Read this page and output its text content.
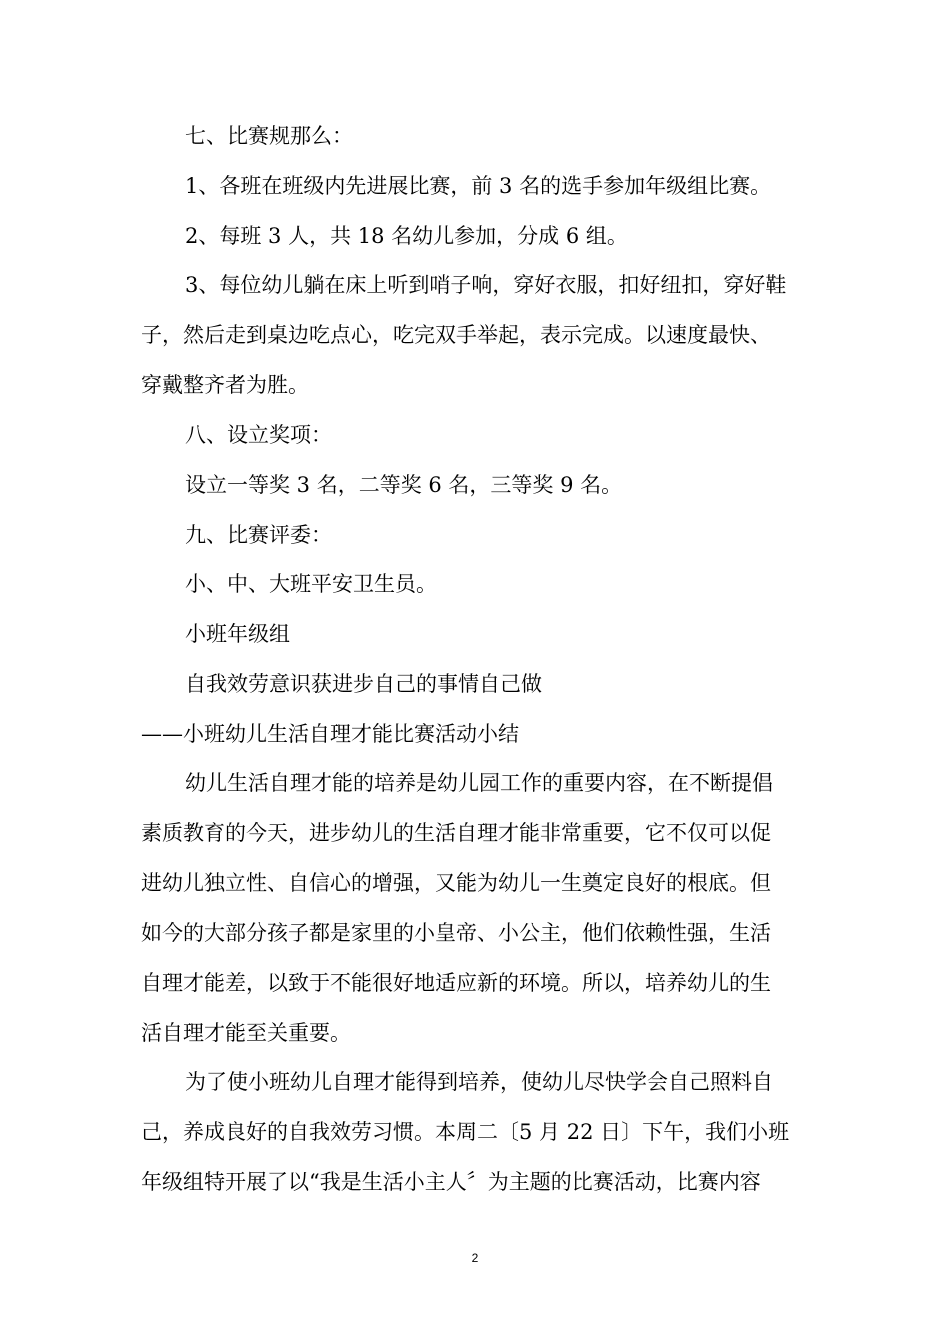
七、比赛规那么：
1、各班在班级内先进展比赛，前 3 名的选手参加年级组比赛。
2、每班 3 人，共 18 名幼儿参加，分成 6 组。
3、每位幼儿躺在床上听到哨子响，穿好衣服，扣好纽扣，穿好鞋
子，然后走到桌边吃点心，吃完双手举起，表示完成。以速度最快、
穿戴整齐者为胜。
八、设立奖项：
设立一等奖 3 名，二等奖 6 名，三等奖 9 名。
九、比赛评委：
小、中、大班平安卫生员。
小班年级组
自我效劳意识获进步自己的事情自己做
——小班幼儿生活自理才能比赛活动小结
幼儿生活自理才能的培养是幼儿园工作的重要内容，在不断提倡
素质教育的今天，进步幼儿的生活自理才能非常重要，它不仅可以促
进幼儿独立性、自信心的增强，又能为幼儿一生奠定良好的根底。但
如今的大部分孩子都是家里的小皇帝、小公主，他们依赖性强，生活
自理才能差，以致于不能很好地适应新的环境。所以，培养幼儿的生
活自理才能至关重要。
为了使小班幼儿自理才能得到培养，使幼儿尽快学会自己照料自
己，养成良好的自我效劳习惯。本周二〔5 月 22 日〕下午，我们小班
年级组特开展了以“我是生活小主人〞为主题的比赛活动，比赛内容
2
